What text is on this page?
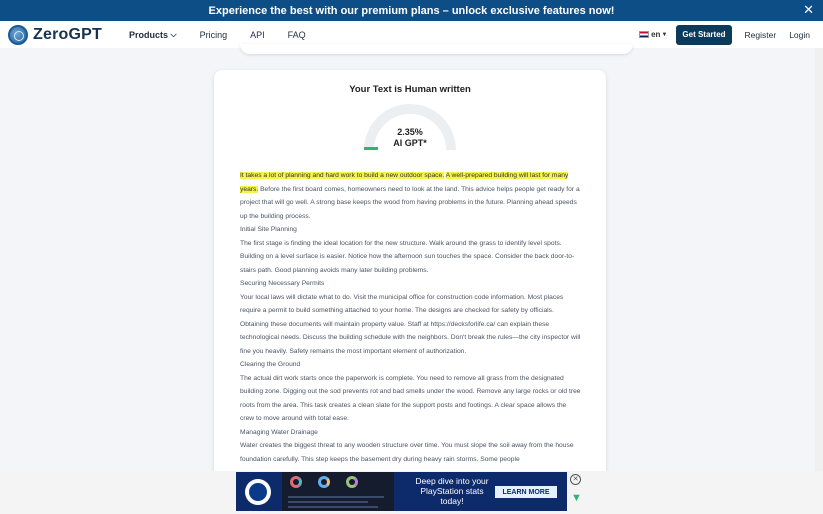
Experience the best with our premium plans – unlock exclusive features now!	✕
ZeroGPT	Products
⌵	Pricing	API	FAQ	en ▼	Get Started	Register Login
Your Text is Human written
2.35%
AI GPT*

It takes a lot of planning and hard work to build a new outdoor space. A well-prepared building will last for many years. Before the first board comes, homeowners need to look at the land. This advice helps people get ready for a project that will go well. A strong base keeps the wood from having problems in the future. Planning ahead speeds up the building process.

Initial Site Planning

The first stage is finding the ideal location for the new structure. Walk around the grass to identify level spots. Building on a level surface is easier. Notice how the afternoon sun touches the space. Consider the back door-to-stairs path. Good planning avoids many later building problems.

Securing Necessary Permits

Your local laws will dictate what to do. Visit the municipal office for construction code information. Most places require a permit to build something attached to your home. The designs are checked for safety by officials. Obtaining these documents will maintain property value. Staff at https://decksforlife.ca/ can explain these technological needs. Discuss the building schedule with the neighbors. Don't break the rules—the city inspector will fine you heavily. Safety remains the most important element of authorization.

Clearing the Ground

The actual dirt work starts once the paperwork is complete. You need to remove all grass from the designated building zone. Digging out the sod prevents rot and bad smells under the wood. Remove any large rocks or old tree roots from the area. This task creates a clean slate for the support posts and footings. A clear space allows the crew to move around with total ease.

Managing Water Drainage

Water creates the biggest threat to any wooden structure over time. You must slope the soil away from the house foundation carefully. This step keeps the basement dry during heavy rain storms. Some people

Deep dive into your PlayStation stats today!
LEARN MORE
✕
▼
